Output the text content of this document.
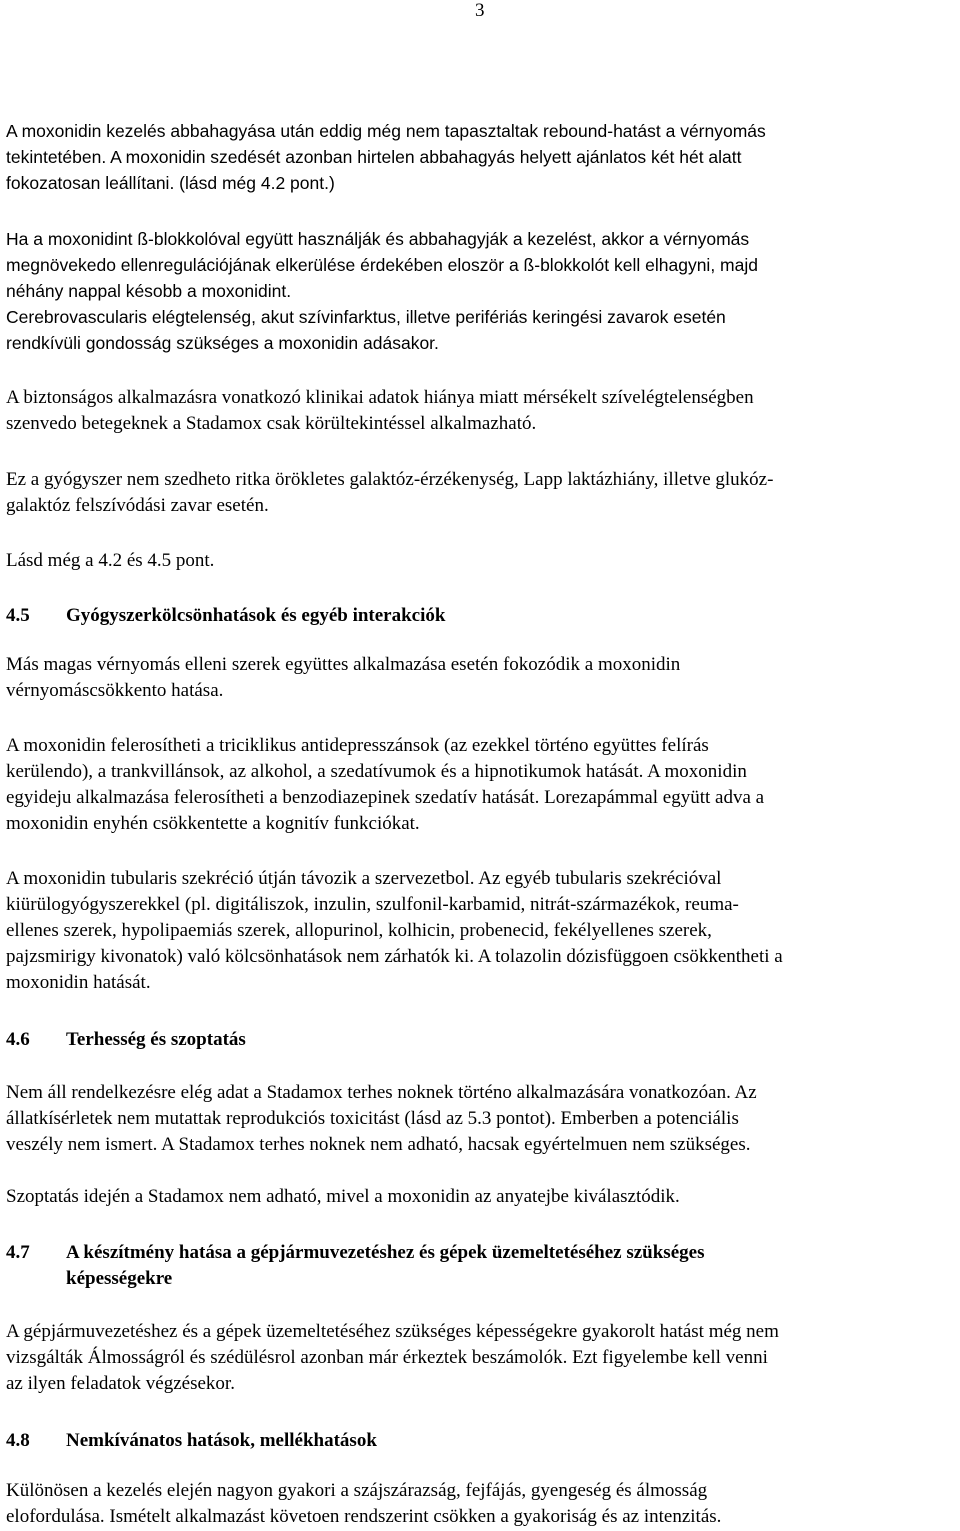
3
A moxonidin kezelés abbahagyása után eddig még nem tapasztaltak rebound-hatást a vérnyomás
tekintetében. A moxonidin szedését azonban hirtelen abbahagyás helyett ajánlatos két hét alatt
fokozatosan leállítani. (lásd még 4.2 pont.)
Ha a moxonidint ß-blokkolóval együtt használják és abbahagyják a kezelést, akkor a vérnyomás
megnövekedo ellenregulációjának elkerülése érdekében eloször a ß-blokkolót kell elhagyni, majd
néhány nappal késobb a moxonidint.
Cerebrovascularis elégtelenség, akut szívinfarktus, illetve perifériás keringési zavarok esetén
rendkívüli gondosság szükséges a moxonidin adásakor.
A biztonságos alkalmazásra vonatkozó klinikai adatok hiánya miatt mérsékelt szívelégtelenségben
szenvedo betegeknek a Stadamox csak körültekintéssel alkalmazható.
Ez a gyógyszer nem szedheto ritka örökletes galaktóz-érzékenység, Lapp laktázhiány, illetve glukóz-
galaktóz felszívódási zavar esetén.
Lásd még a 4.2 és 4.5 pont.
4.5 Gyógyszerkölcsönhatások és egyéb interakciók
Más magas vérnyomás elleni szerek együttes alkalmazása esetén fokozódik a moxonidin
vérnyomáscsökkento hatása.
A moxonidin felerosítheti a triciklikus antidepresszánsok (az ezekkel történo együttes felírás
kerülendo), a trankvillánsok, az alkohol, a szedatívumok és a hipnotikumok hatását. A moxonidin
egyideju alkalmazása felerosítheti a benzodiazepinek szedatív hatását. Lorezapámmal együtt adva a
moxonidin enyhén csökkentette a kognitív funkciókat.
A moxonidin tubularis szekréció útján távozik a szervezetbol. Az egyéb tubularis szekrécióval
kiürülogyógyszerekkel (pl. digitáliszok, inzulin, szulfonil-karbamid, nitrát-származékok, reuma-
ellenes szerek, hypolipaemiás szerek, allopurinol, kolhicin, probenecid, fekélyellenes szerek,
pajzsmirigy kivonatok) való kölcsönhatások nem zárhatók ki. A tolazolin dózisfüggoen csökkentheti a
moxonidin hatását.
4.6 Terhesség és szoptatás
Nem áll rendelkezésre elég adat a Stadamox terhes noknek történo alkalmazására vonatkozóan. Az
állatkísérletek nem mutattak reprodukciós toxicitást (lásd az 5.3 pontot). Emberben a potenciális
veszély nem ismert. A Stadamox terhes noknek nem adható, hacsak egyértelmuen nem szükséges.
Szoptatás idején a Stadamox nem adható, mivel a moxonidin az anyatejbe kiválasztódik.
4.7 A készítmény hatása a gépjármuvezetéshez és gépek üzemeltetéséhez szükséges
képességekre
A gépjármuvezetéshez és a gépek üzemeltetéséhez szükséges képességekre gyakorolt hatást még nem
vizsgálták Álmosságról és szédülésrol azonban már érkeztek beszámolók. Ezt figyelembe kell venni
az ilyen feladatok végzésekor.
4.8 Nemkívánatos hatások, mellékhatások
Különösen a kezelés elején nagyon gyakori a szájszárazság, fejfájás, gyengeség és álmosság
elofordulása. Ismételt alkalmazást követoen rendszerint csökken a gyakoriság és az intenzitás.
